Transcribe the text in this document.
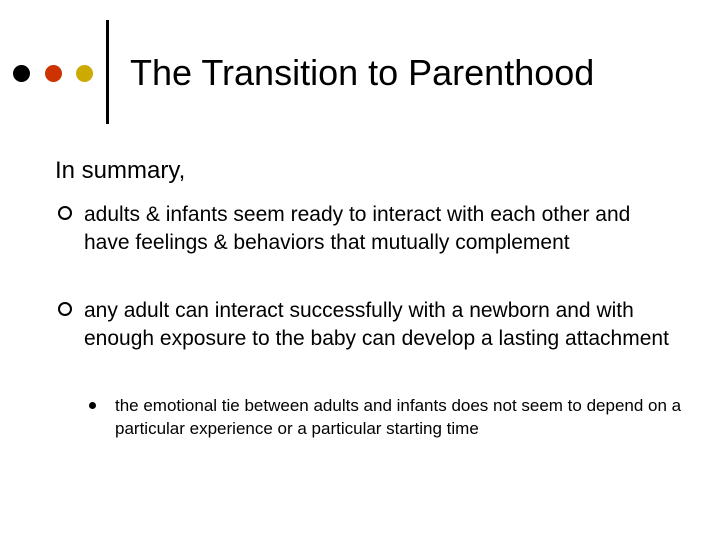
The Transition to Parenthood
In summary,
adults & infants seem ready to interact with each other and have feelings & behaviors that mutually complement
any adult can interact successfully with a newborn and with enough exposure to the baby can develop a lasting attachment
the emotional tie between adults and infants does not seem to depend on a particular experience or a particular starting time
